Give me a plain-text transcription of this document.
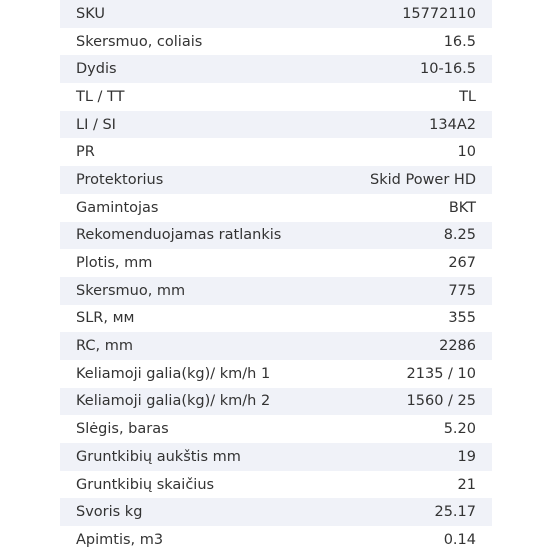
SKU	15772110
Skersmuo, coliais	16.5
Dydis	10-16.5
TL / TT	TL
LI / SI	134A2
PR	10
Protektorius	Skid Power HD
Gamintojas	BKT
Rekomenduojamas ratlankis	8.25
Plotis, mm	267
Skersmuo, mm	775
SLR, мм	355
RC, mm	2286
Keliamoji galia(kg)/ km/h 1	2135 / 10
Keliamoji galia(kg)/ km/h 2	1560 / 25
Slėgis, baras	5.20
Gruntkibių aukštis mm	19
Gruntkibių skaičius	21
Svoris kg	25.17
Apimtis, m3	0.14
